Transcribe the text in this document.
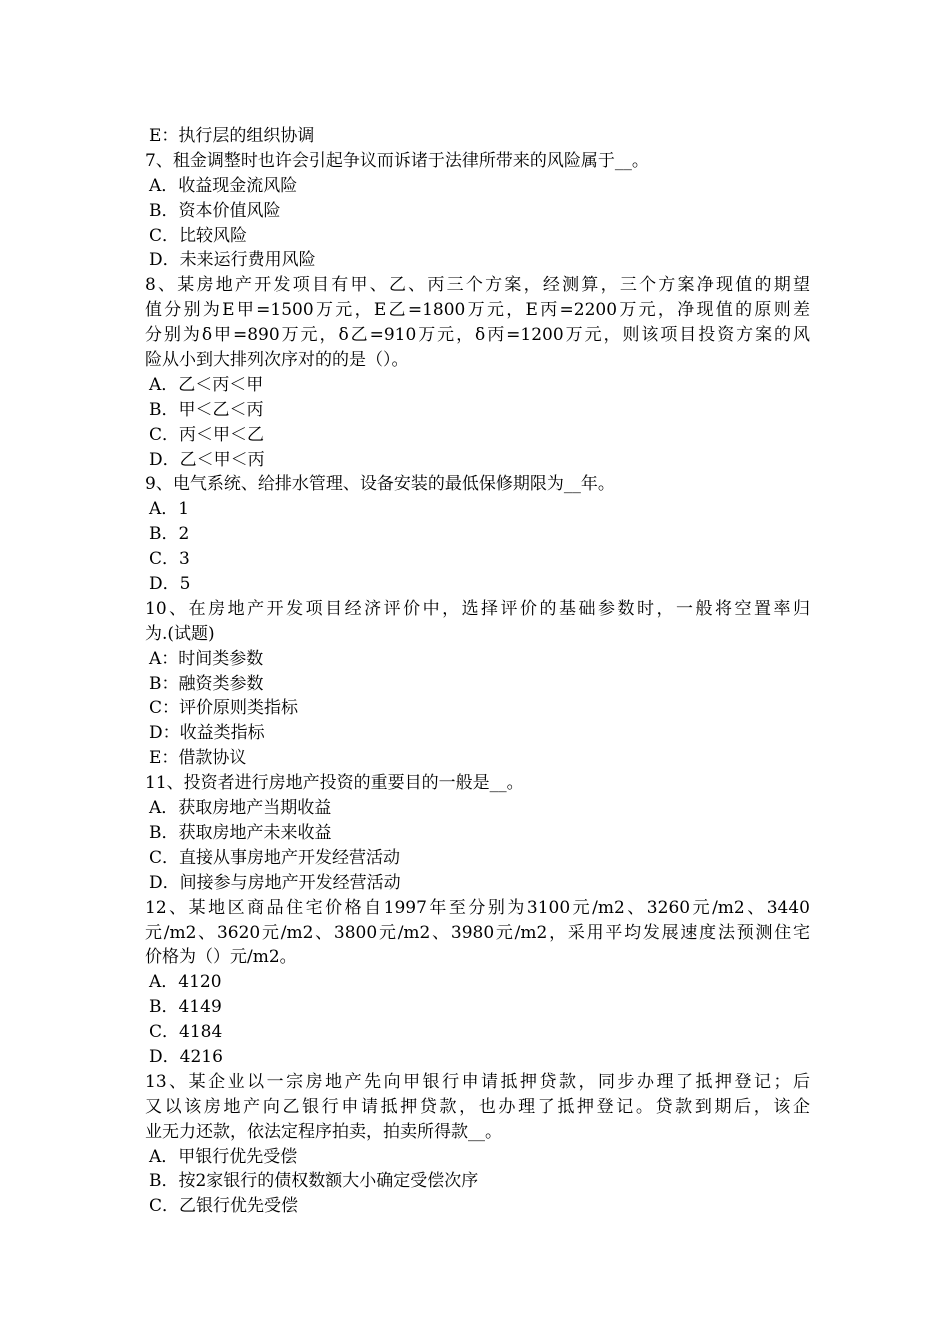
E：执行层的组织协调
7、租金调整时也许会引起争议而诉诸于法律所带来的风险属于__。
A．收益现金流风险
B．资本价值风险
C．比较风险
D．未来运行费用风险
8、某房地产开发项目有甲、乙、丙三个方案，经测算，三个方案净现值的期望
值分别为E甲=1500万元，E乙=1800万元，E丙=2200万元，净现值的原则差
分别为δ甲=890万元，δ乙=910万元，δ丙=1200万元，则该项目投资方案的风
险从小到大排列次序对的的是（）。
A．乙＜丙＜甲
B．甲＜乙＜丙
C．丙＜甲＜乙
D．乙＜甲＜丙
9、电气系统、给排水管理、设备安装的最低保修期限为__年。
A．1
B．2
C．3
D．5
10、在房地产开发项目经济评价中，选择评价的基础参数时，一般将空置率归
为.(试题)
A：时间类参数
B：融资类参数
C：评价原则类指标
D：收益类指标
E：借款协议
11、投资者进行房地产投资的重要目的一般是__。
A．获取房地产当期收益
B．获取房地产未来收益
C．直接从事房地产开发经营活动
D．间接参与房地产开发经营活动
12、某地区商品住宅价格自1997年至分别为3100元/m2、3260元/m2、3440
元/m2、3620元/m2、3800元/m2、3980元/m2，采用平均发展速度法预测住宅
价格为（）元/m2。
A．4120
B．4149
C．4184
D．4216
13、某企业以一宗房地产先向甲银行申请抵押贷款，同步办理了抵押登记；后
又以该房地产向乙银行申请抵押贷款，也办理了抵押登记。贷款到期后，该企
业无力还款，依法定程序拍卖，拍卖所得款__。
A．甲银行优先受偿
B．按2家银行的债权数额大小确定受偿次序
C．乙银行优先受偿
